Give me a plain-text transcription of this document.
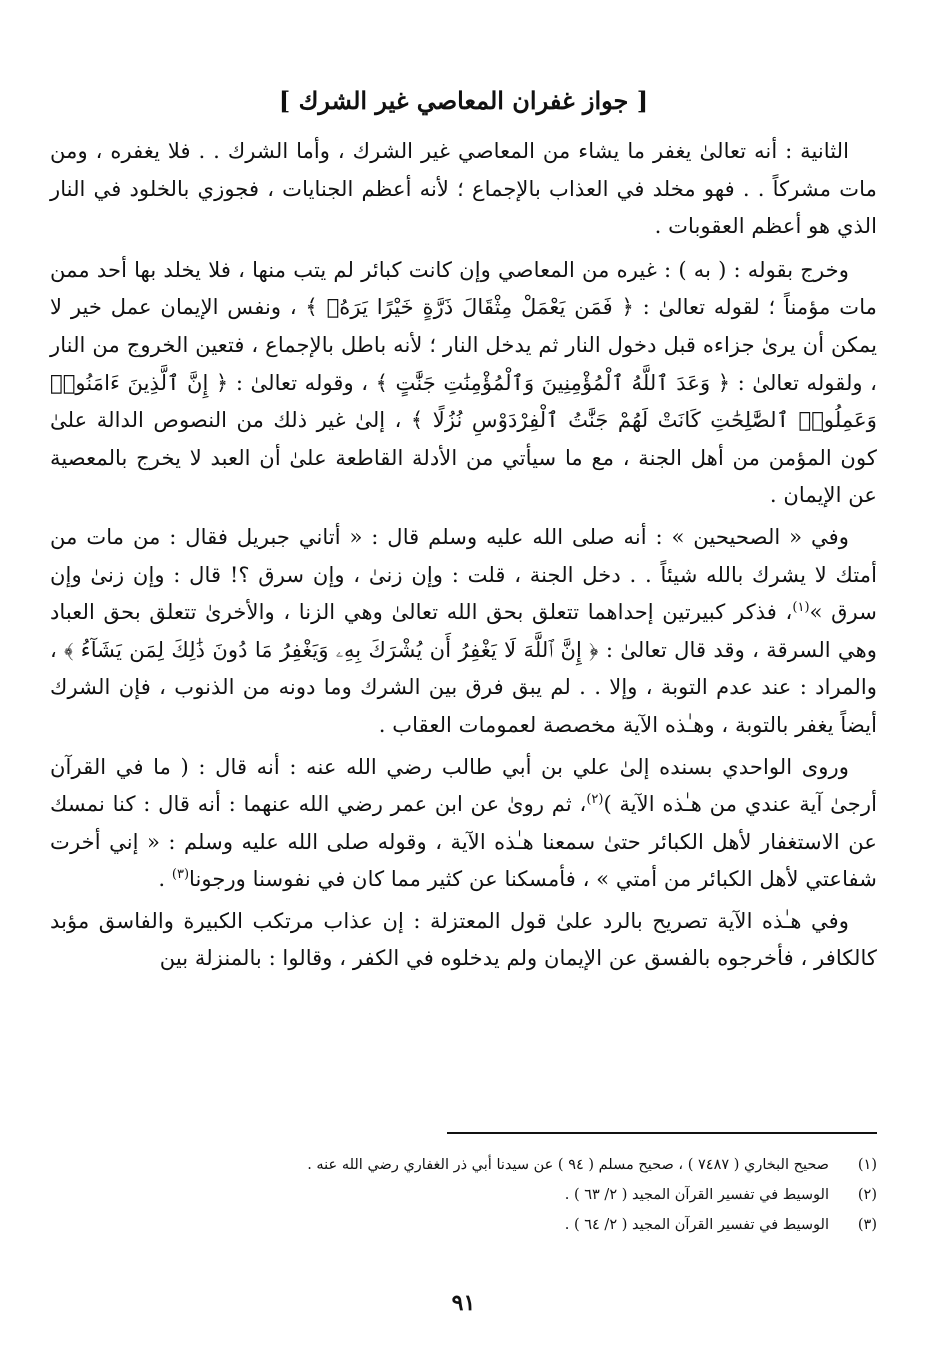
[ جواز غفران المعاصي غير الشرك ]

الثانية : أنه تعالىٰ يغفر ما يشاء من المعاصي غير الشرك ، وأما الشرك . . فلا يغفره ، ومن مات مشركاً . . فهو مخلد في العذاب بالإجماع ؛ لأنه أعظم الجنايات ، فجوزي بالخلود في النار الذي هو أعظم العقوبات .

وخرج بقوله : ( به ) : غيره من المعاصي وإن كانت كبائر لم يتب منها ، فلا يخلد بها أحد ممن مات مؤمناً ؛ لقوله تعالىٰ : ﴿ فَمَن يَعْمَلْ مِثْقَالَ ذَرَّةٍ خَيْرًا يَرَهُۥ ﴾ ، ونفس الإيمان عمل خير لا يمكن أن يرىٰ جزاءه قبل دخول النار ثم يدخل النار ؛ لأنه باطل بالإجماع ، فتعين الخروج من النار ، ولقوله تعالىٰ : ﴿ وَعَدَ ٱللَّهُ ٱلْمُؤْمِنِينَ وَٱلْمُؤْمِنَٰتِ جَنَّٰتٍ ﴾ ، وقوله تعالىٰ : ﴿ إِنَّ ٱلَّذِينَ ءَامَنُوا۟ وَعَمِلُوا۟ ٱلصَّٰلِحَٰتِ كَانَتْ لَهُمْ جَنَّٰتُ ٱلْفِرْدَوْسِ نُزُلًا ﴾ ، إلىٰ غير ذلك من النصوص الدالة علىٰ كون المؤمن من أهل الجنة ، مع ما سيأتي من الأدلة القاطعة علىٰ أن العبد لا يخرج بالمعصية عن الإيمان .

وفي « الصحيحين » : أنه صلى الله عليه وسلم قال : « أتاني جبريل فقال : من مات من أمتك لا يشرك بالله شيئاً . . دخل الجنة ، قلت : وإن زنىٰ ، وإن سرق ؟! قال : وإن زنىٰ وإن سرق »$^{(١)}$، فذكر كبيرتين إحداهما تتعلق بحق الله تعالىٰ وهي الزنا ، والأخرىٰ تتعلق بحق العباد وهي السرقة ، وقد قال تعالىٰ : ﴿ إِنَّ ٱللَّهَ لَا يَغْفِرُ أَن يُشْرَكَ بِهِۦ وَيَغْفِرُ مَا دُونَ ذَٰلِكَ لِمَن يَشَآءُ ﴾ ، والمراد : عند عدم التوبة ، وإلا . . لم يبق فرق بين الشرك وما دونه من الذنوب ، فإن الشرك أيضاً يغفر بالتوبة ، وهـٰذه الآية مخصصة لعمومات العقاب .

وروى الواحدي بسنده إلىٰ علي بن أبي طالب رضي الله عنه : أنه قال : ( ما في القرآن أرجىٰ آية عندي من هـٰذه الآية )$^{(٢)}$، ثم روىٰ عن ابن عمر رضي الله عنهما : أنه قال : كنا نمسك عن الاستغفار لأهل الكبائر حتىٰ سمعنا هـٰذه الآية ، وقوله صلى الله عليه وسلم : « إني أخرت شفاعتي لأهل الكبائر من أمتي » ، فأمسكنا عن كثير مما كان في نفوسنا ورجونا$^{(٣)}$ .

وفي هـٰذه الآية تصريح بالرد علىٰ قول المعتزلة : إن عذاب مرتكب الكبيرة والفاسق مؤبد كالكافر ، فأخرجوه بالفسق عن الإيمان ولم يدخلوه في الكفر ، وقالوا : بالمنزلة بين

(١)
صحيح البخاري ( ٧٤٨٧ ) ، صحيح مسلم ( ٩٤ ) عن سيدنا أبي ذر الغفاري رضي الله عنه .
(٢)
الوسيط في تفسير القرآن المجيد ( ٢/ ٦٣ ) .
(٣)
الوسيط في تفسير القرآن المجيد ( ٢/ ٦٤ ) .
٩١
